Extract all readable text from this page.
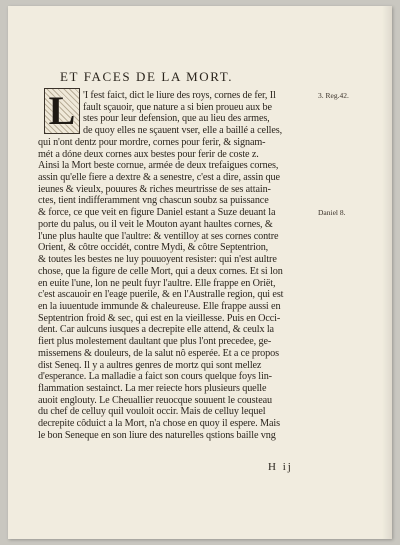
ET FACES DE LA MORT.
L 'I fest faict, dict le liure des roys, cornes de fer, Il
fault sçauoir, que nature a si bien proueu aux be
stes pour leur defension, que au lieu des armes,
de quoy elles ne sçauent vser, elle a baillé a celles,
qui n'ont dentz pour mordre, cornes pour ferir, & signam-
mét a dóne deux cornes aux bestes pour ferir de coste z.
Ainsi la Mort beste cornue, armée de deux trefaigues cornes,
assin qu'elle fiere a dextre & a senestre, c'est a dire, assin que
ieunes & vieulx, pouures & riches meurtrisse de ses attain-
ctes, tient indifferamment vng chascun soubz sa puissance
& force, ce que veit en figure Daniel estant a Suze deuant la
porte du palus, ou il veit le Mouton ayant haultes cornes, &
l'une plus haulte que l'aultre: & ventilloy at ses cornes contre
Orient, & côtre occidét, contre Mydi, & côtre Septentrion,
& toutes les bestes ne luy pouuoyent resister: qui n'est aultre
chose, que la figure de celle Mort, qui a deux cornes. Et si lon
en euite l'une, lon ne peult fuyr l'aultre. Elle frappe en Oriët,
c'est ascauoir en l'eage puerile, & en l'Australle region, qui est
en la iuuentude immunde & chaleureuse. Elle frappe aussi en
Septentrion froid & sec, qui est en la vieillesse. Puis en Occi-
dent. Car aulcuns iusques a decrepite elle attend, & ceulx la
fiert plus molestement daultant que plus l'ont precedee, ge-
missemens & douleurs, de la salut nô esperée. Et a ce propos
dist Seneq. Il y a aultres genres de mortz qui sont mellez
d'esperance. La malladie a faict son cours quelque foys lin-
flammation sestainct. La mer reiecte hors plusieurs quelle
auoit englouty. Le Cheuallier reuocque souuent le cousteau
du chef de celluy quil vouloit occir. Mais de celluy lequel
decrepite côduict a la Mort, n'a chose en quoy il espere. Mais
le bon Seneque en son liure des naturelles qstions baille vng
3. Reg.42.
Daniel 8.
H ij
